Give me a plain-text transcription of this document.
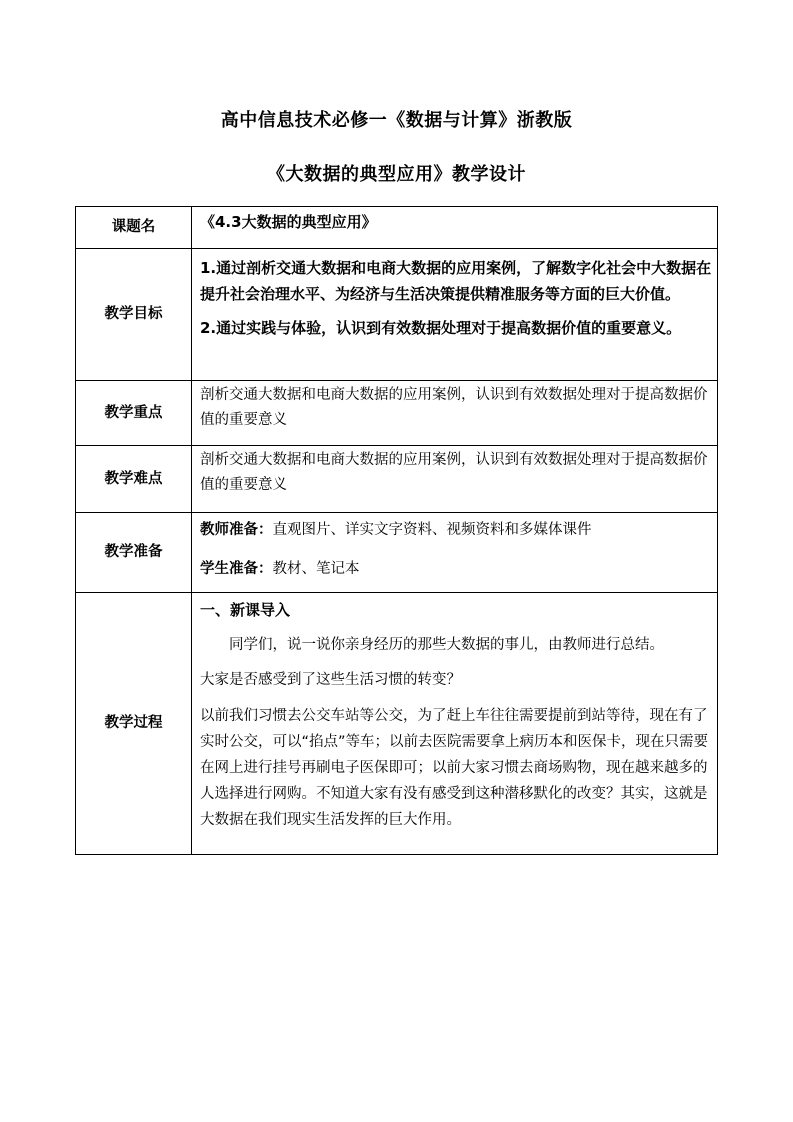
高中信息技术必修一《数据与计算》浙教版
《大数据的典型应用》教学设计
课题名	《4.3大数据的典型应用》

教学目标	1.通过剖析交通大数据和电商大数据的应用案例，了解数字化社会中大数据在提升社会治理水平、为经济与生活决策提供精准服务等方面的巨大价值。

2.通过实践与体验，认识到有效数据处理对于提高数据价值的重要意义。

教学重点	剖析交通大数据和电商大数据的应用案例，认识到有效数据处理对于提高数据价值的重要意义

教学难点	剖析交通大数据和电商大数据的应用案例，认识到有效数据处理对于提高数据价值的重要意义

教学准备	教师准备：直观图片、详实文字资料、视频资料和多媒体课件

学生准备：教材、笔记本

教学过程	一、新课导入

同学们，说一说你亲身经历的那些大数据的事儿，由教师进行总结。

大家是否感受到了这些生活习惯的转变？

以前我们习惯去公交车站等公交，为了赶上车往往需要提前到站等待，现在有了实时公交，可以“掐点”等车；以前去医院需要拿上病历本和医保卡，现在只需要在网上进行挂号再刷电子医保即可；以前大家习惯去商场购物，现在越来越多的人选择进行网购。不知道大家有没有感受到这种潜移默化的改变？其实，这就是大数据在我们现实生活发挥的巨大作用。
